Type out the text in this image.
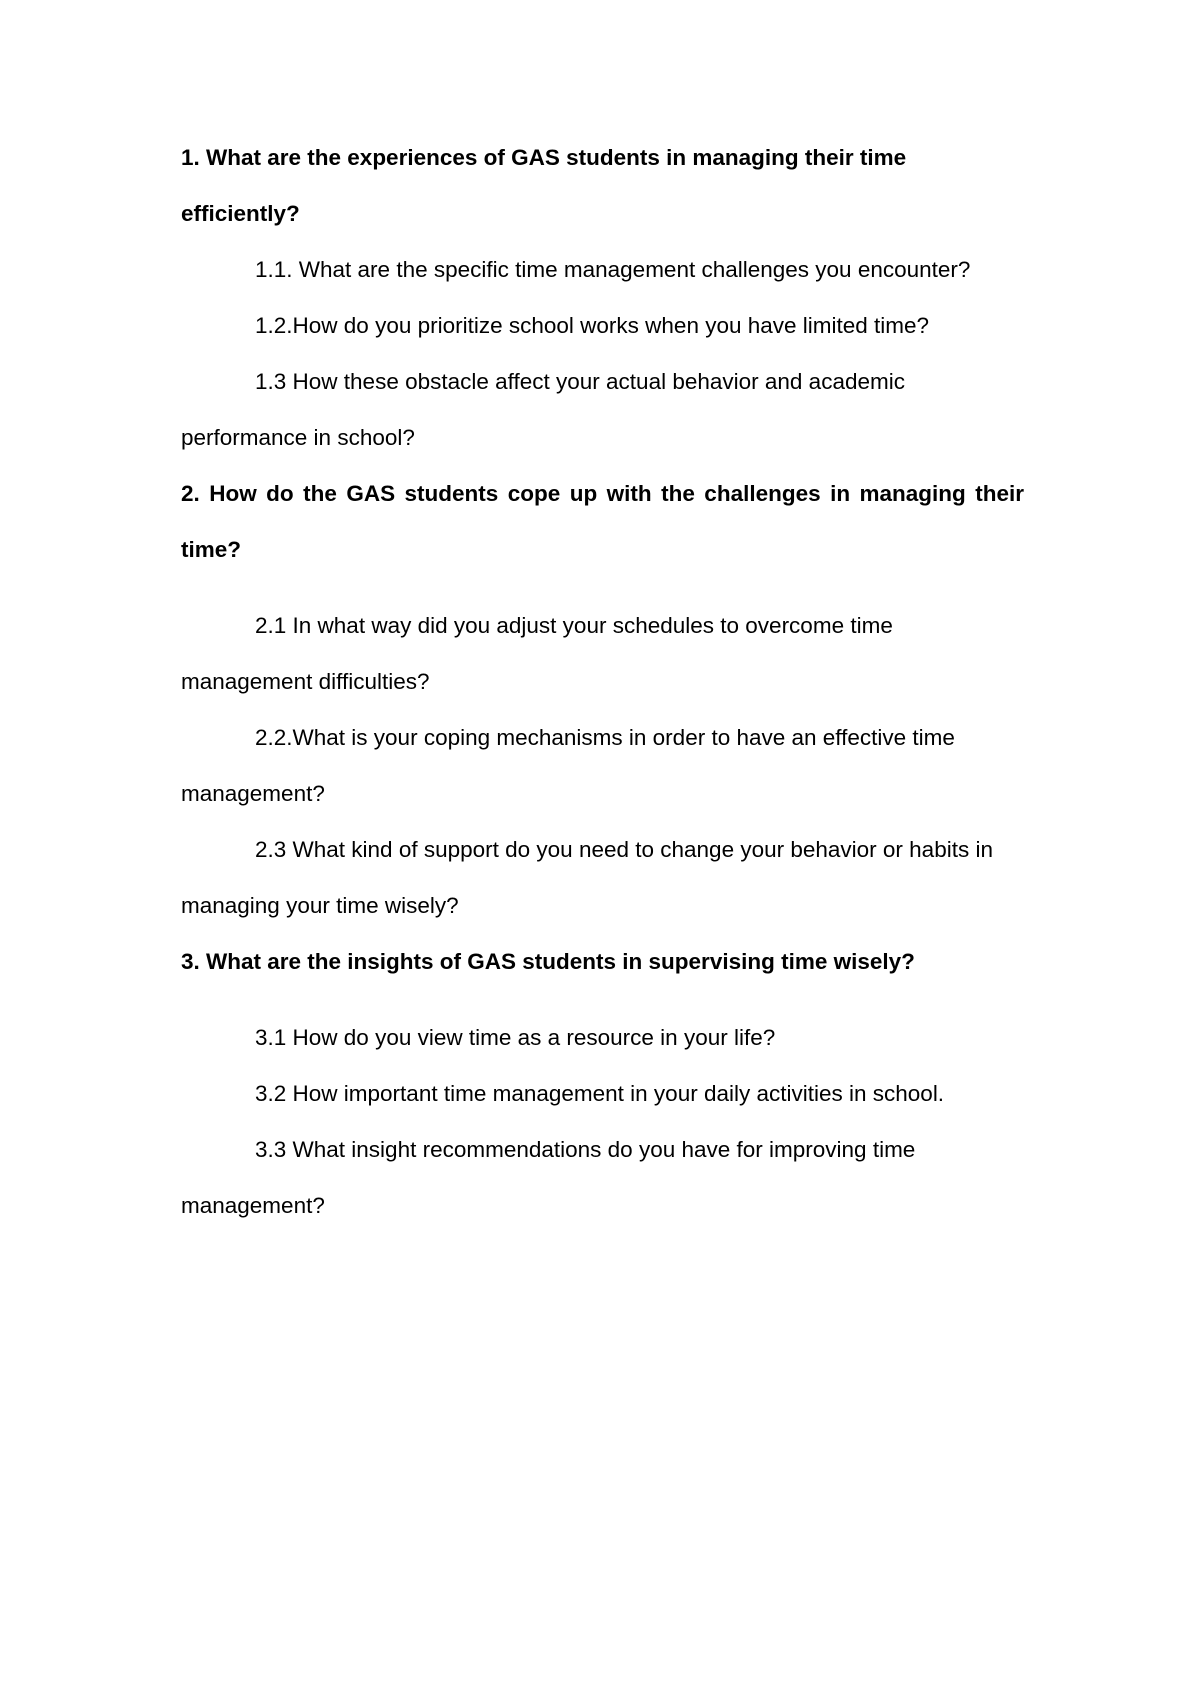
1. What are the experiences of GAS students in managing their time efficiently?

1.1. What are the specific time management challenges you encounter?

1.2.How do you prioritize school works when you have limited time?

1.3 How these obstacle affect your actual behavior and academic performance in school?

2. How do the GAS students cope up with the challenges in managing their time?

2.1 In what way did you adjust your schedules to overcome time management difficulties?

2.2.What is your coping mechanisms in order to have an effective time management?

2.3 What kind of support do you need to change your behavior or habits in managing your time wisely?

3. What are the insights of GAS students in supervising time wisely?

3.1 How do you view time as a resource in your life?

3.2 How important time management in your daily activities in school.

3.3 What insight recommendations do you have for improving time management?
